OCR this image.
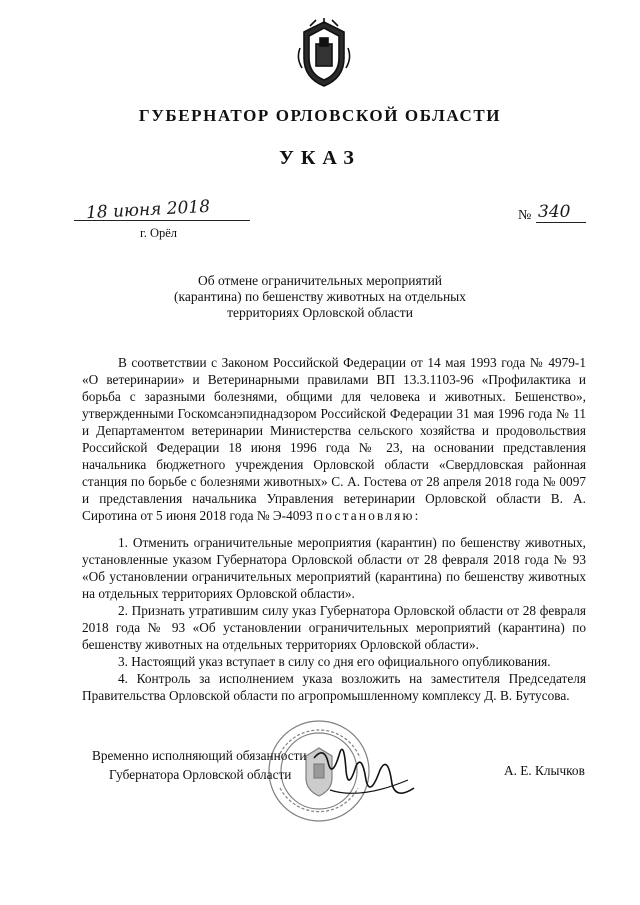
ГУБЕРНАТОР ОРЛОВСКОЙ ОБЛАСТИ
УКАЗ
18 июня 2018	№ 340
г. Орёл
Об отмене ограничительных мероприятий
(карантина) по бешенству животных на отдельных
территориях Орловской области

В соответствии с Законом Российской Федерации от 14 мая 1993 года № 4979-1 «О ветеринарии» и Ветеринарными правилами ВП 13.3.1103-96 «Профилактика и борьба с заразными болезнями, общими для человека и животных. Бешенство», утвержденными Госкомсанэпиднадзором Российской Федерации 31 мая 1996 года № 11 и Департаментом ветеринарии Министерства сельского хозяйства и продовольствия Российской Федерации 18 июня 1996 года № 23, на основании представления начальника бюджетного учреждения Орловской области «Свердловская районная станция по борьбе с болезнями животных» С. А. Гостева от 28 апреля 2018 года № 0097 и представления начальника Управления ветеринарии Орловской области В. А. Сиротина от 5 июня 2018 года № Э-4093 постановляю:

1. Отменить ограничительные мероприятия (карантин) по бешенству животных, установленные указом Губернатора Орловской области от 28 февраля 2018 года № 93 «Об установлении ограничительных мероприятий (карантина) по бешенству животных на отдельных территориях Орловской области».

2. Признать утратившим силу указ Губернатора Орловской области от 28 февраля 2018 года № 93 «Об установлении ограничительных мероприятий (карантина) по бешенству животных на отдельных территориях Орловской области».

3. Настоящий указ вступает в силу со дня его официального опубликования.

4. Контроль за исполнением указа возложить на заместителя Председателя Правительства Орловской области по агропромышленному комплексу Д. В. Бутусова.

Временно исполняющий обязанности
Губернатора Орловской области	А. Е. Клычков
